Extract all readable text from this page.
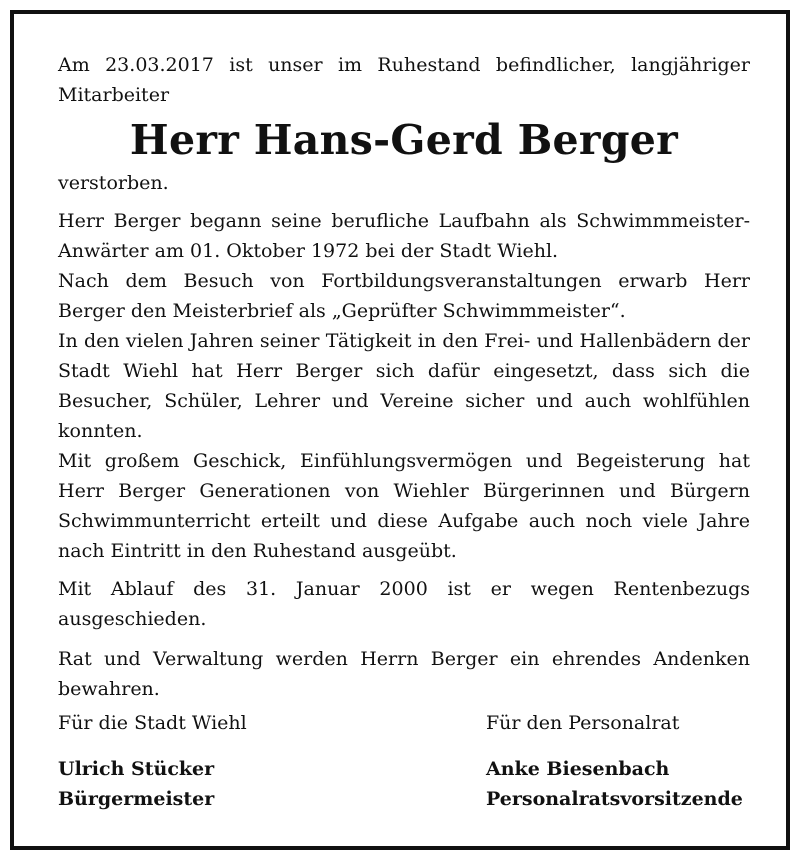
Am 23.03.2017 ist unser im Ruhestand befindlicher, langjähriger Mitarbeiter
Herr Hans-Gerd Berger
verstorben.

Herr Berger begann seine berufliche Laufbahn als Schwimmmeister-Anwärter am 01. Oktober 1972 bei der Stadt Wiehl.

Nach dem Besuch von Fortbildungsveranstaltungen erwarb Herr Berger den Meisterbrief als „Geprüfter Schwimmmeister“.

In den vielen Jahren seiner Tätigkeit in den Frei- und Hallenbädern der Stadt Wiehl hat Herr Berger sich dafür eingesetzt, dass sich die Besucher, Schüler, Lehrer und Vereine sicher und auch wohlfühlen konnten.

Mit großem Geschick, Einfühlungsvermögen und Begeisterung hat Herr Berger Generationen von Wiehler Bürgerinnen und Bürgern Schwimmunterricht erteilt und diese Aufgabe auch noch viele Jahre nach Eintritt in den Ruhestand ausgeübt.

Mit Ablauf des 31. Januar 2000 ist er wegen Rentenbezugs ausgeschieden.

Rat und Verwaltung werden Herrn Berger ein ehrendes Andenken bewahren.

Für die Stadt Wiehl
Ulrich Stücker
Bürgermeister
Für den Personalrat
Anke Biesenbach
Personalratsvorsitzende
